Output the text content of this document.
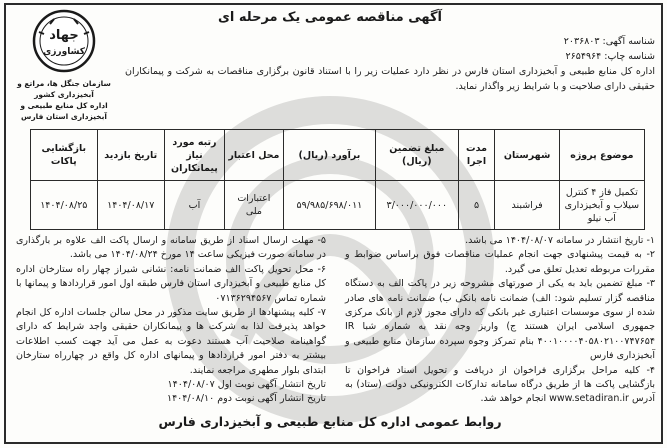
آگهی مناقصه عمومی یک مرحله ای
شناسه آگهی: ۲۰۳۶۸۰۳
شناسه چاپ: ۲۶۵۴۹۶۴
اداره کل منابع طبیعی و آبخیزداری استان فارس در نظر دارد عملیات زیر را با استناد قانون برگزاری مناقصات به شرکت و پیمانکاران حقیقی دارای صلاحیت و با شرایط زیر واگذار نماید.
جهاد
کشاورزی
سازمان جنگل ها، مراتع و آبخیزداری کشور
اداره کل منابع طبیعی و آبخیزداری استان فارس
موضوع پروژه	شهرستان	مدت اجرا	مبلغ تضمین (ریال)	برآورد (ریال)	محل اعتبار	رتبه مورد نیاز پیمانکاران	تاریخ بازدید	بازگشایی پاکات
تکمیل فاز ۴ کنترل سیلاب و آبخیزداری آب نیلو	فراشبند	۵	۳/۰۰۰/۰۰۰/۰۰۰	۵۹/۹۸۵/۶۹۸/۰۱۱	اعتبارات ملی	آب	۱۴۰۴/۰۸/۱۷	۱۴۰۴/۰۸/۲۵

۱- تاریخ انتشار در سامانه ۱۴۰۴/۰۸/۰۷ می باشد.

۲- به قیمت پیشنهادی جهت انجام عملیات مناقصات فوق براساس ضوابط و مقررات مربوطه تعدیل تعلق می گیرد.

۳- مبلغ تضمین باید به یکی از صورتهای مشروحه زیر در پاکت الف به دستگاه مناقصه گزار تسلیم شود: الف) ضمانت نامه بانکی ب) ضمانت نامه های صادر شده از سوی موسسات اعتباری غیر بانکی که دارای مجوز لازم از بانک مرکزی جمهوری اسلامی ایران هستند ج) واریز وجه نقد به شماره شبا IR ۴۰۰۱۰۰۰۰۴۰۵۸۰۲۱۰۰۷۴۷۶۵۴ بنام تمرکز وجوه سپرده سازمان منابع طبیعی و آبخیزداری فارس

۴- کلیه مراحل برگزاری فراخوان از دریافت و تحویل اسناد فراخوان تا بازگشایی پاکت ها از طریق درگاه سامانه تدارکات الکترونیکی دولت (ستاد) به آدرس www.setadiran.ir انجام خواهد شد.

۵- مهلت ارسال اسناد از طریق سامانه و ارسال پاکت الف علاوه بر بارگذاری در سامانه صورت فیزیکی ساعت ۱۴ مورخ ۱۴۰۴/۰۸/۲۴ می باشد.

۶- محل تحویل پاکت الف ضمانت نامه: نشانی شیراز چهار راه ستارخان اداره کل منابع طبیعی و آبخیزداری استان فارس طبقه اول امور قراردادها و پیمانها با شماره تماس ۰۷۱۳۶۲۹۴۵۶۷

۷- کلیه پیشنهادها از طریق سایت مذکور در محل سالن جلسات اداره کل انجام خواهد پذیرفت لذا به شرکت ها و پیمانکاران حقیقی واجد شرایط که دارای گواهینامه صلاحیت آب هستند دعوت به عمل می آید جهت کسب اطلاعات بیشتر به دفتر امور قراردادها و پیمانهای اداره کل واقع در چهارراه ستارخان ابتدای بلوار مطهری مراجعه نمایند.

تاریخ انتشار آگهی نوبت اول ۱۴۰۴/۰۸/۰۷

تاریخ انتشار آگهی نوبت دوم ۱۴۰۴/۰۸/۱۰

روابط عمومی اداره کل منابع طبیعی و آبخیزداری فارس
